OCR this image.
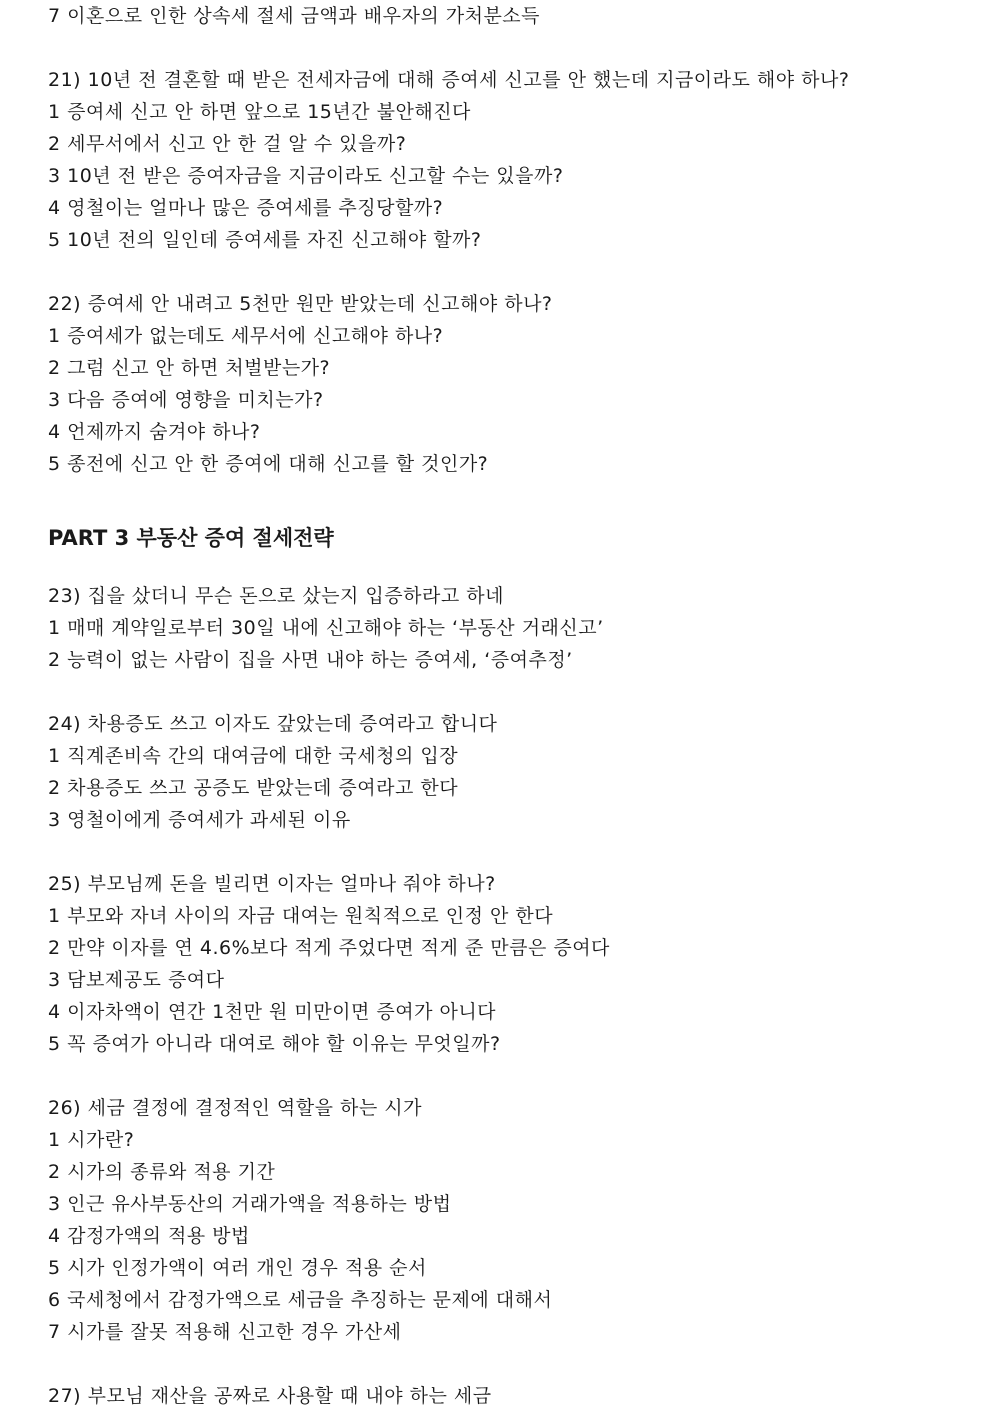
7 이혼으로 인한 상속세 절세 금액과 배우자의 가처분소득
21) 10년 전 결혼할 때 받은 전세자금에 대해 증여세 신고를 안 했는데 지금이라도 해야 하나?
1 증여세 신고 안 하면 앞으로 15년간 불안해진다
2 세무서에서 신고 안 한 걸 알 수 있을까?
3 10년 전 받은 증여자금을 지금이라도 신고할 수는 있을까?
4 영철이는 얼마나 많은 증여세를 추징당할까?
5 10년 전의 일인데 증여세를 자진 신고해야 할까?
22) 증여세 안 내려고 5천만 원만 받았는데 신고해야 하나?
1 증여세가 없는데도 세무서에 신고해야 하나?
2 그럼 신고 안 하면 처벌받는가?
3 다음 증여에 영향을 미치는가?
4 언제까지 숨겨야 하나?
5 종전에 신고 안 한 증여에 대해 신고를 할 것인가?
PART 3 부동산 증여 절세전략
23) 집을 샀더니 무슨 돈으로 샀는지 입증하라고 하네
1 매매 계약일로부터 30일 내에 신고해야 하는 ‘부동산 거래신고’
2 능력이 없는 사람이 집을 사면 내야 하는 증여세, ‘증여추정’
24) 차용증도 쓰고 이자도 갚았는데 증여라고 합니다
1 직계존비속 간의 대여금에 대한 국세청의 입장
2 차용증도 쓰고 공증도 받았는데 증여라고 한다
3 영철이에게 증여세가 과세된 이유
25) 부모님께 돈을 빌리면 이자는 얼마나 줘야 하나?
1 부모와 자녀 사이의 자금 대여는 원칙적으로 인정 안 한다
2 만약 이자를 연 4.6%보다 적게 주었다면 적게 준 만큼은 증여다
3 담보제공도 증여다
4 이자차액이 연간 1천만 원 미만이면 증여가 아니다
5 꼭 증여가 아니라 대여로 해야 할 이유는 무엇일까?
26) 세금 결정에 결정적인 역할을 하는 시가
1 시가란?
2 시가의 종류와 적용 기간
3 인근 유사부동산의 거래가액을 적용하는 방법
4 감정가액의 적용 방법
5 시가 인정가액이 여러 개인 경우 적용 순서
6 국세청에서 감정가액으로 세금을 추징하는 문제에 대해서
7 시가를 잘못 적용해 신고한 경우 가산세
27) 부모님 재산을 공짜로 사용할 때 내야 하는 세금
